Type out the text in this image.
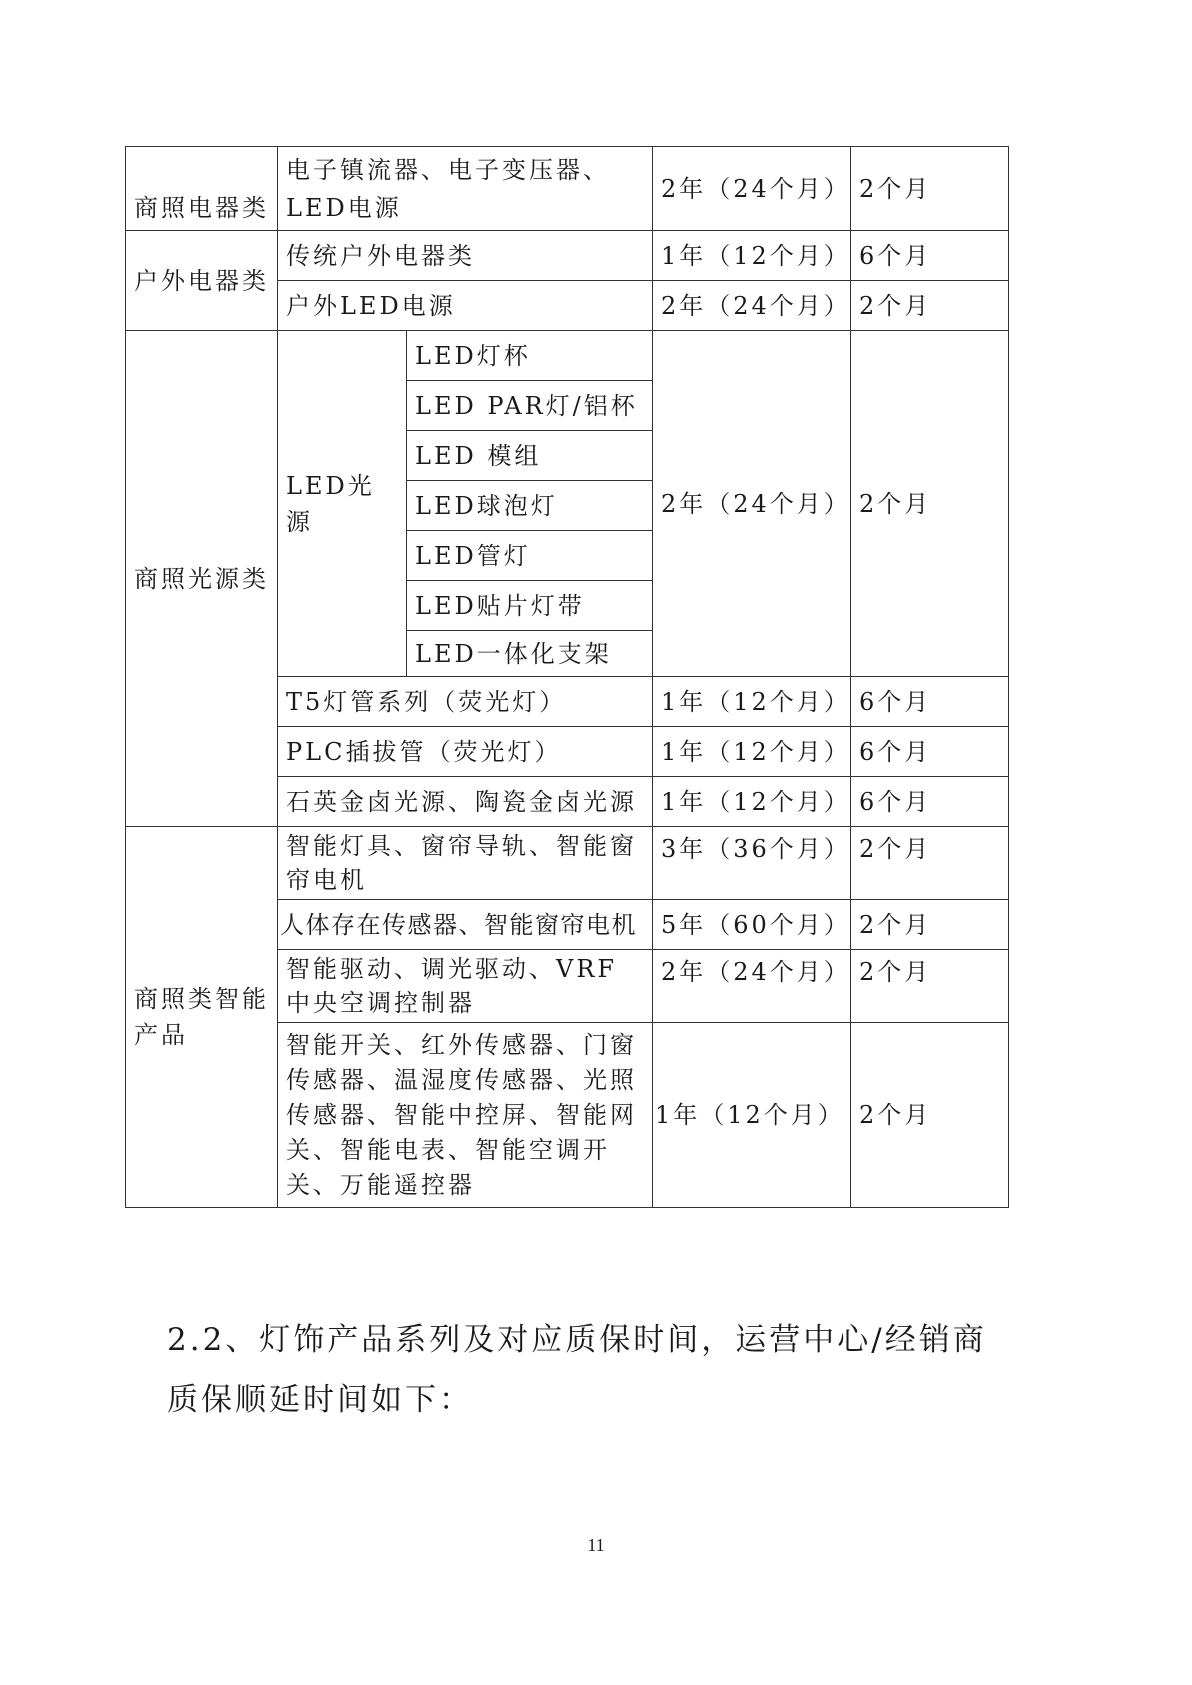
商照电器类	电子镇流器、电子变压器、LED电源		2年（24个月）	2个月
户外电器类	传统户外电器类		1年（12个月）	6个月
	户外LED电源		2年（24个月）	2个月
商照光源类	LED光源	LED灯杯	2年（24个月）	2个月
		LED PAR灯/铝杯		
		LED 模组		
		LED球泡灯		
		LED管灯		
		LED贴片灯带		
		LED一体化支架		
	T5灯管系列（荧光灯）		1年（12个月）	6个月
	PLC插拔管（荧光灯）		1年（12个月）	6个月
	石英金卤光源、陶瓷金卤光源		1年（12个月）	6个月
商照类智能产品	智能灯具、窗帘导轨、智能窗帘电机		3年（36个月）	2个月
	人体存在传感器、智能窗帘电机		5年（60个月）	2个月
	智能驱动、调光驱动、VRF中央空调控制器		2年（24个月）	2个月
	智能开关、红外传感器、门窗传感器、温湿度传感器、光照传感器、智能中控屏、智能网关、智能电表、智能空调开关、万能遥控器		1年（12个月）	2个月

2.2、灯饰产品系列及对应质保时间，运营中心/经销商质保顺延时间如下：

11
